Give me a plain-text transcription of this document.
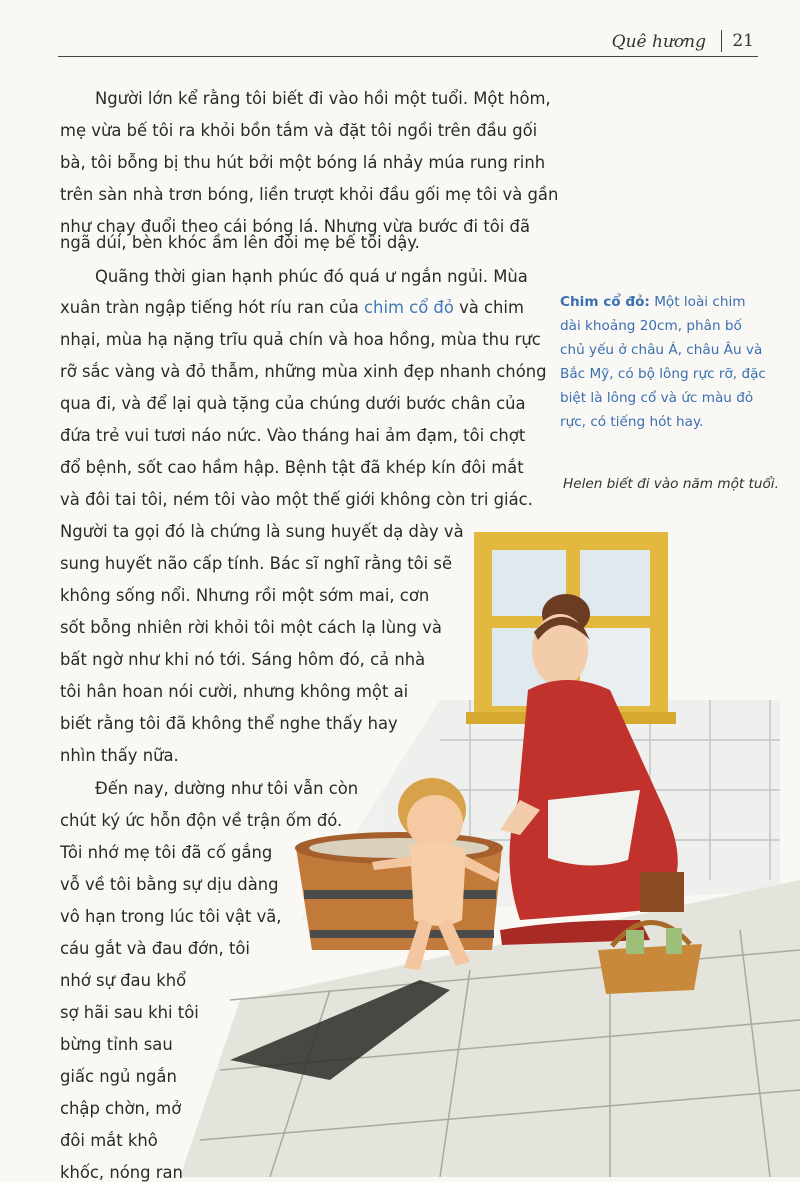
Quê hương 21
Người lớn kể rằng tôi biết đi vào hồi một tuổi. Một hôm,
mẹ vừa bế tôi ra khỏi bồn tắm và đặt tôi ngồi trên đầu gối
bà, tôi bỗng bị thu hút bởi một bóng lá nhảy múa rung rinh
trên sàn nhà trơn bóng, liền trượt khỏi đầu gối mẹ tôi và gần
như chạy đuổi theo cái bóng lá. Nhưng vừa bước đi tôi đã
ngã dúi, bèn khóc ầm lên đòi mẹ bế tôi dậy.
Quãng thời gian hạnh phúc đó quá ư ngắn ngủi. Mùa
xuân tràn ngập tiếng hót ríu ran của chim cổ đỏ và chim
nhại, mùa hạ nặng trĩu quả chín và hoa hồng, mùa thu rực
rỡ sắc vàng và đỏ thẫm, những mùa xinh đẹp nhanh chóng
qua đi, và để lại quà tặng của chúng dưới bước chân của
đứa trẻ vui tươi náo nức. Vào tháng hai ảm đạm, tôi chợt
đổ bệnh, sốt cao hầm hập. Bệnh tật đã khép kín đôi mắt
và đôi tai tôi, ném tôi vào một thế giới không còn tri giác.
Người ta gọi đó là chứng là sung huyết dạ dày và
sung huyết não cấp tính. Bác sĩ nghĩ rằng tôi sẽ
không sống nổi. Nhưng rồi một sớm mai, cơn
sốt bỗng nhiên rời khỏi tôi một cách lạ lùng và
bất ngờ như khi nó tới. Sáng hôm đó, cả nhà
tôi hân hoan nói cười, nhưng không một ai
biết rằng tôi đã không thể nghe thấy hay
nhìn thấy nữa.
Đến nay, dường như tôi vẫn còn
chút ký ức hỗn độn về trận ốm đó.
Tôi nhớ mẹ tôi đã cố gắng
vỗ về tôi bằng sự dịu dàng
vô hạn trong lúc tôi vật vã,
cáu gắt và đau đớn, tôi
nhớ sự đau khổ
sợ hãi sau khi tôi
bừng tỉnh sau
giấc ngủ ngắn
chập chờn, mở
đôi mắt khô
khốc, nóng ran
Chim cổ đỏ: Một loài chim dài khoảng 20cm, phân bố chủ yếu ở châu Á, châu Âu và Bắc Mỹ, có bộ lông rực rỡ, đặc biệt là lông cổ và ức màu đỏ rực, có tiếng hót hay.
Helen biết đi vào năm một tuổi.
